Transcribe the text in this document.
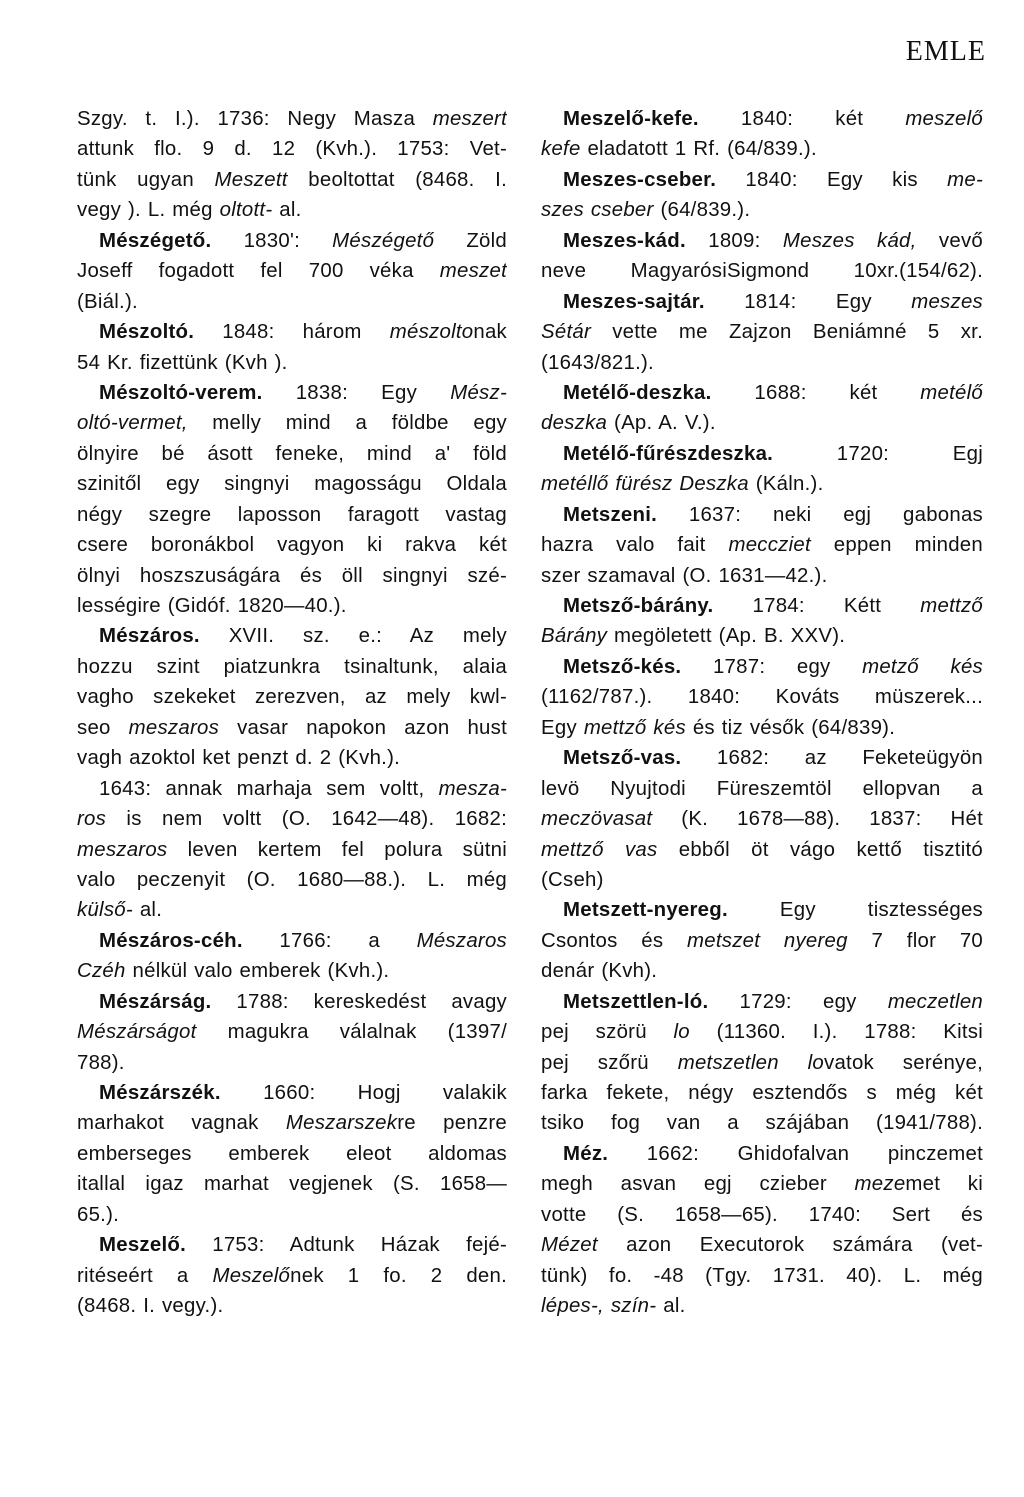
EMLE
Szgy. t. I.). 1736: Negy Masza meszert
attunk flo. 9 d. 12 (Kvh.). 1753: Vet-
tünk ugyan Meszett beoltottat (8468. I.
vegy ). L. még oltott- al.
Mészégető. 1830': Mészégető Zöld
Joseff fogadott fel 700 véka meszet
(Biál.).
Mészoltó. 1848: három mészoltonak
54 Kr. fizettünk (Kvh ).
Mészoltó-verem. 1838: Egy Mész-
oltó-vermet, melly mind a földbe egy
ölnyire bé ásott feneke, mind a' föld
szinitől egy singnyi magosságu Oldala
négy szegre laposson faragott vastag
csere boronákbol vagyon ki rakva két
ölnyi hoszszuságára és öll singnyi szé-
lességire (Gidóf. 1820—40.).
Mészáros. XVII. sz. e.: Az mely
hozzu szint piatzunkra tsinaltunk, alaia
vagho szekeket zerezven, az mely kwl-
seo meszaros vasar napokon azon hust
vagh azoktol ket penzt d. 2 (Kvh.).
1643: annak marhaja sem voltt, mesza-
ros is nem voltt (O. 1642—48). 1682:
meszaros leven kertem fel polura sütni
valo peczenyit (O. 1680—88.). L. még
külső- al.
Mészáros-céh. 1766: a Mészaros
Czéh nélkül valo emberek (Kvh.).
Mészárság. 1788: kereskedést avagy
Mészárságot magukra válalnak (1397/
788).
Mészárszék. 1660: Hogj valakik
marhakot vagnak Meszarszekre penzre
emberseges emberek eleot aldomas
itallal igaz marhat vegjenek (S. 1658—
65.).
Meszelő. 1753: Adtunk Házak fejé-
ritéseért a Meszelőnek 1 fo. 2 den.
(8468. I. vegy.).
Meszelő-kefe. 1840: két meszelő
kefe eladatott 1 Rf. (64/839.).
Meszes-cseber. 1840: Egy kis me-
szes cseber (64/839.).
Meszes-kád. 1809: Meszes kád, vevő
neve MagyarósiSigmond 10xr.(154/62).
Meszes-sajtár. 1814: Egy meszes
Sétár vette me Zajzon Beniámné 5 xr.
(1643/821.).
Metélő-deszka. 1688: két metélő
deszka (Ap. A. V.).
Metélő-fűrészdeszka. 1720: Egj
metéllő fürész Deszka (Káln.).
Metszeni. 1637: neki egj gabonas
hazra valo fait meccziet eppen minden
szer szamaval (O. 1631—42.).
Metsző-bárány. 1784: Kétt mettző
Bárány megöletett (Ap. B. XXV).
Metsző-kés. 1787: egy metző kés
(1162/787.). 1840: Kováts müszerek...
Egy mettző kés és tiz vésők (64/839).
Metsző-vas. 1682: az Feketeügyön
levö Nyujtodi Füreszemtöl ellopvan a
meczövasat (K. 1678—88). 1837: Hét
mettző vas ebből öt vágo kettő tisztitó
(Cseh)
Metszett-nyereg. Egy tisztességes
Csontos és metszet nyereg 7 flor 70
denár (Kvh).
Metszettlen-ló. 1729: egy meczetlen
pej szörü lo (11360. I.). 1788: Kitsi
pej szőrü metszetlen lovatok serénye,
farka fekete, négy esztendős s még két
tsiko fog van a szájában (1941/788).
Méz. 1662: Ghidofalvan pinczemet
megh asvan egj czieber mezemet ki
votte (S. 1658—65). 1740: Sert és
Mézet azon Executorok számára (vet-
tünk) fo. -48 (Tgy. 1731. 40). L. még
lépes-, szín- al.
